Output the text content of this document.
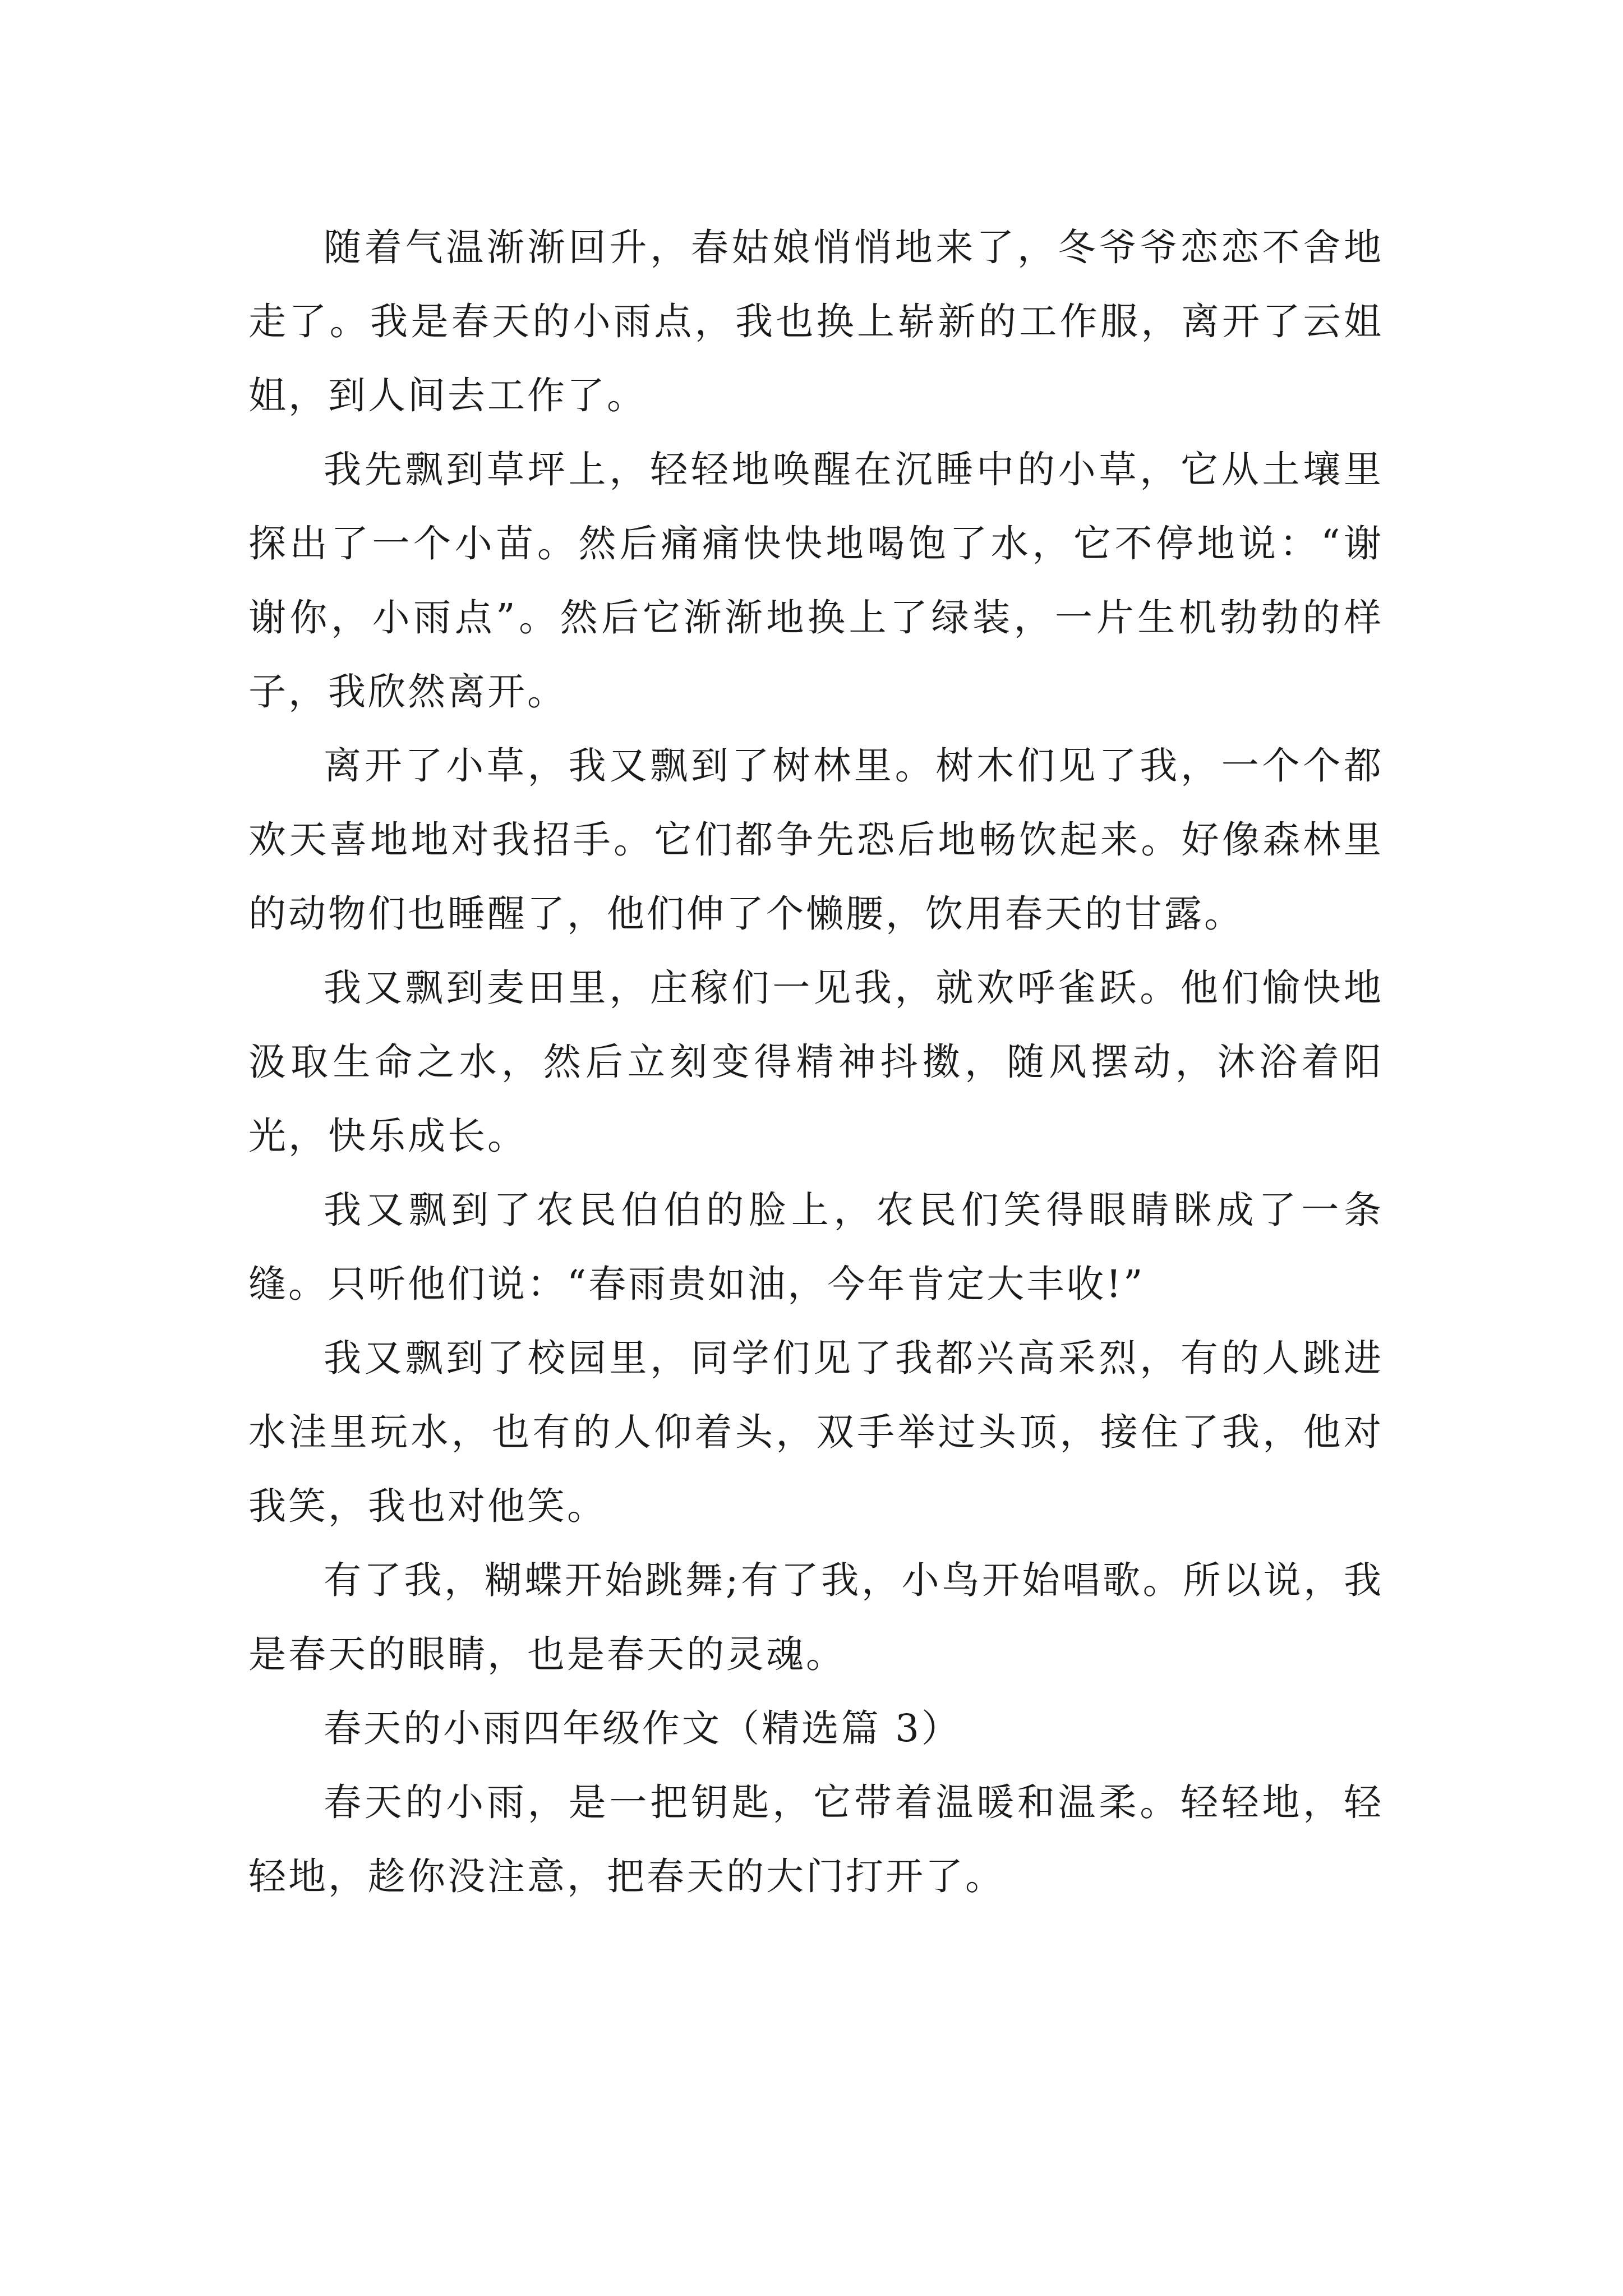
随着气温渐渐回升，春姑娘悄悄地来了，冬爷爷恋恋不舍地走了。我是春天的小雨点，我也换上崭新的工作服，离开了云姐姐，到人间去工作了。

我先飘到草坪上，轻轻地唤醒在沉睡中的小草，它从土壤里探出了一个小苗。然后痛痛快快地喝饱了水，它不停地说：“谢谢你，小雨点”。然后它渐渐地换上了绿装，一片生机勃勃的样子，我欣然离开。

离开了小草，我又飘到了树林里。树木们见了我，一个个都欢天喜地地对我招手。它们都争先恐后地畅饮起来。好像森林里的动物们也睡醒了，他们伸了个懒腰，饮用春天的甘露。

我又飘到麦田里，庄稼们一见我，就欢呼雀跃。他们愉快地汲取生命之水，然后立刻变得精神抖擞，随风摆动，沐浴着阳光，快乐成长。

我又飘到了农民伯伯的脸上，农民们笑得眼睛眯成了一条缝。只听他们说：“春雨贵如油，今年肯定大丰收!”

我又飘到了校园里，同学们见了我都兴高采烈，有的人跳进水洼里玩水，也有的人仰着头，双手举过头顶，接住了我，他对我笑，我也对他笑。

有了我，糊蝶开始跳舞;有了我，小鸟开始唱歌。所以说，我是春天的眼睛，也是春天的灵魂。

春天的小雨四年级作文（精选篇 3）

春天的小雨，是一把钥匙，它带着温暖和温柔。轻轻地，轻轻地，趁你没注意，把春天的大门打开了。
